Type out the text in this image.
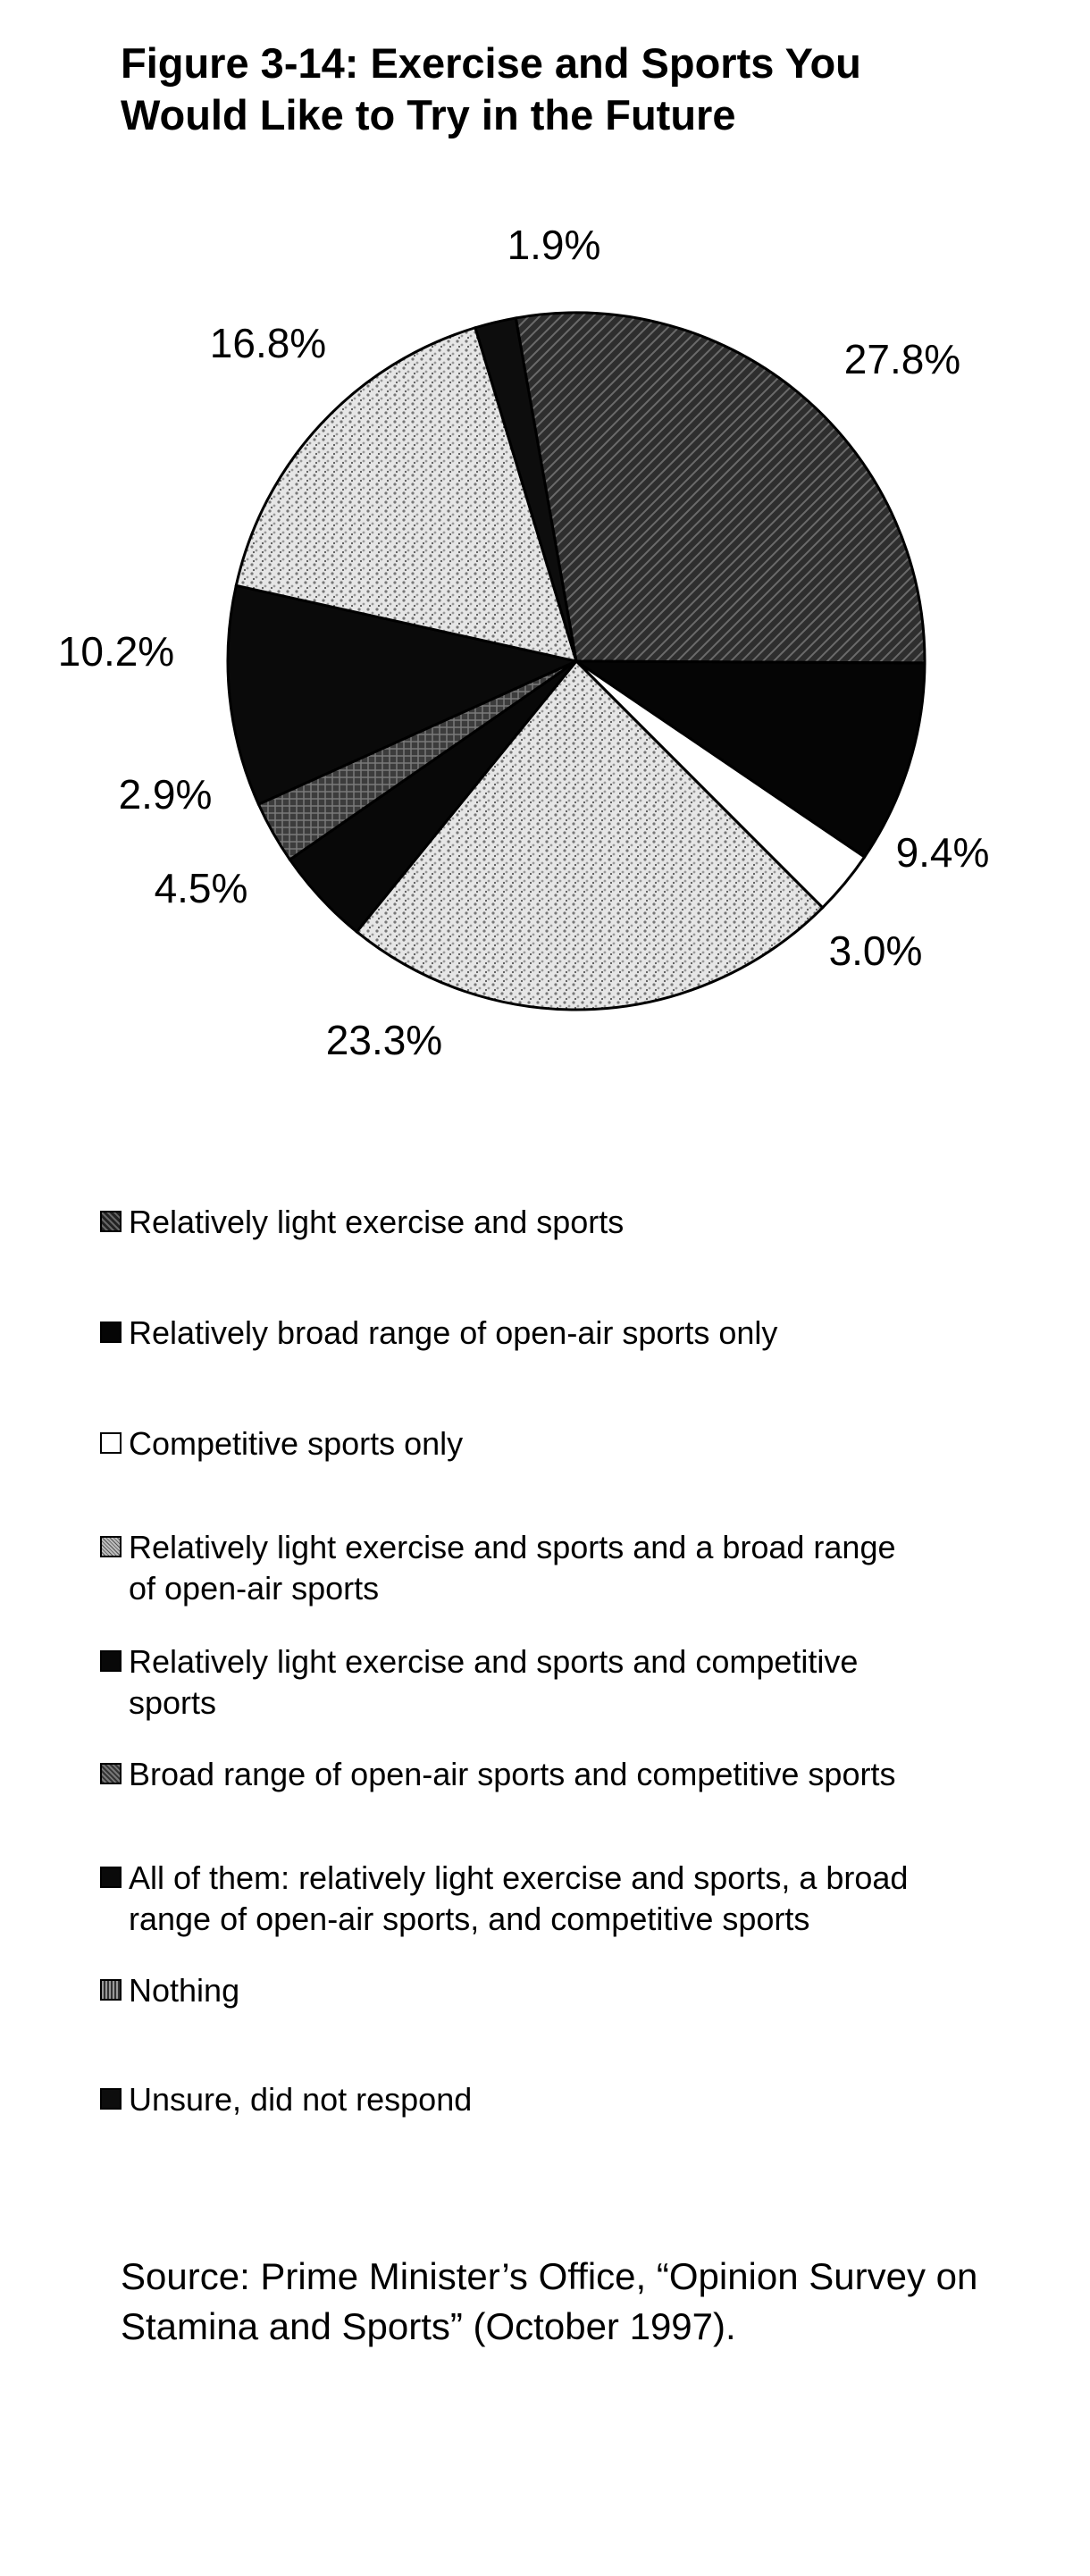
Figure 3-14: Exercise and Sports You
Would Like to Try in the Future
27.8%
9.4%
3.0%
23.3%
4.5%
2.9%
10.2%
16.8%
1.9%
Relatively light exercise and sports

Relatively broad range of open-air sports only

Competitive sports only

Relatively light exercise and sports and a broad range
of open-air sports
Relatively light exercise and sports and competitive
sports
Broad range of open-air sports and competitive sports

All of them: relatively light exercise and sports, a broad
range of open-air sports, and competitive sports
Nothing

Unsure, did not respond

Source: Prime Minister’s Office, “Opinion Survey on
Stamina and Sports” (October 1997).
